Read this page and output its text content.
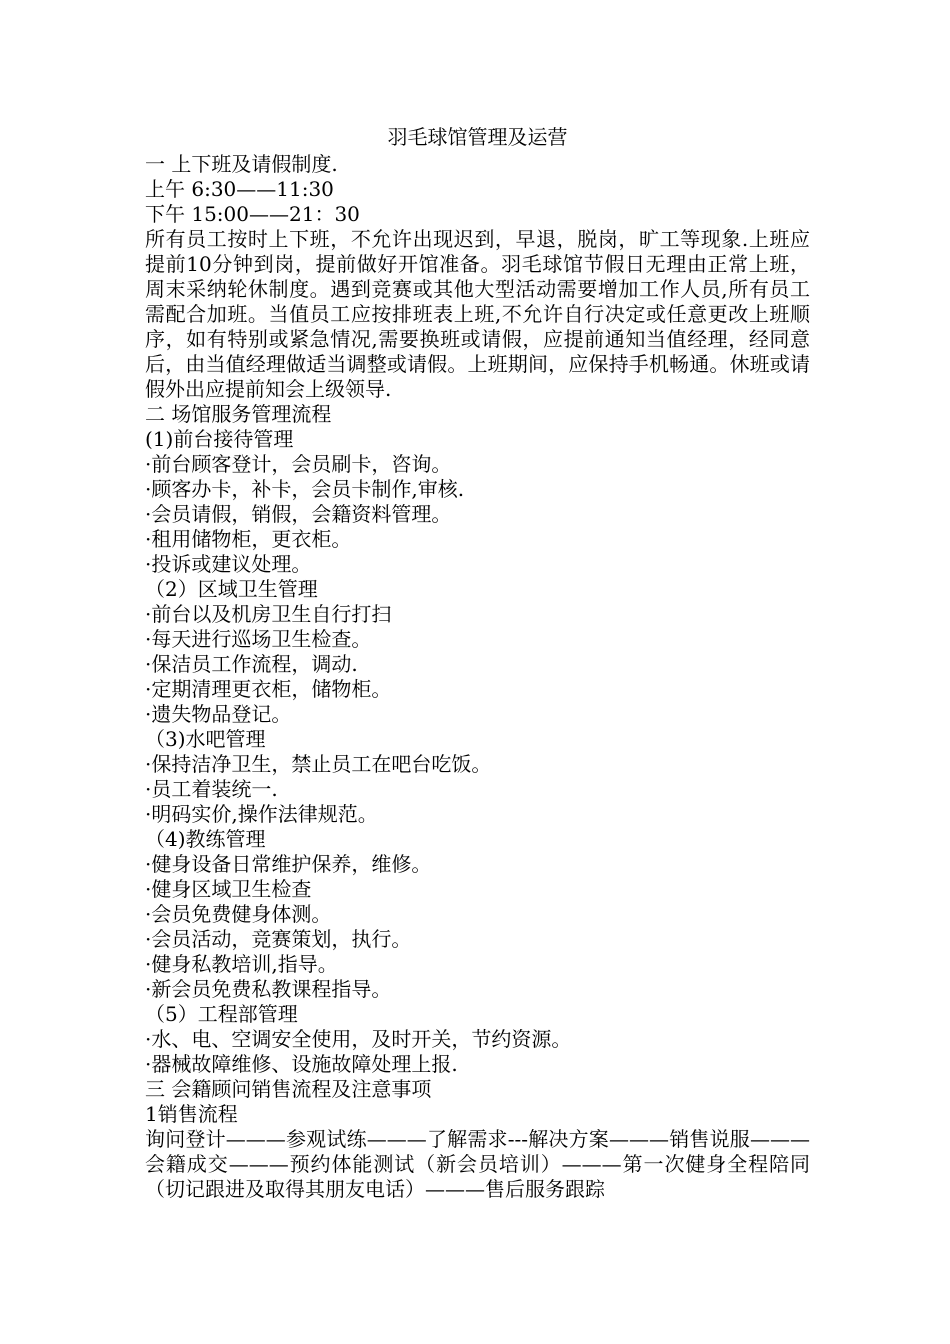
羽毛球馆管理及运营

一 上下班及请假制度.

上午 6:30——11:30

下午 15:00——21：30

所有员工按时上下班，不允许出现迟到，早退，脱岗，旷工等现象.上班应提前10分钟到岗，提前做好开馆准备。羽毛球馆节假日无理由正常上班，周末采纳轮休制度。遇到竞赛或其他大型活动需要增加工作人员,所有员工需配合加班。当值员工应按排班表上班,不允许自行决定或任意更改上班顺序，如有特别或紧急情况,需要换班或请假，应提前通知当值经理，经同意后，由当值经理做适当调整或请假。上班期间，应保持手机畅通。休班或请假外出应提前知会上级领导.

二 场馆服务管理流程

(1)前台接待管理

·前台顾客登计，会员刷卡，咨询。

·顾客办卡，补卡，会员卡制作,审核.

·会员请假，销假，会籍资料管理。

·租用储物柜，更衣柜。

·投诉或建议处理。

（2）区域卫生管理

·前台以及机房卫生自行打扫

·每天进行巡场卫生检查。

·保洁员工作流程，调动.

·定期清理更衣柜，储物柜。

·遗失物品登记。

（3)水吧管理

·保持洁净卫生，禁止员工在吧台吃饭。

·员工着装统一.

·明码实价,操作法律规范。

（4)教练管理

·健身设备日常维护保养，维修。

·健身区域卫生检查

·会员免费健身体测。

·会员活动，竞赛策划，执行。

·健身私教培训,指导。

·新会员免费私教课程指导。

（5）工程部管理

·水、电、空调安全使用，及时开关，节约资源。

·器械故障维修、设施故障处理上报.

三 会籍顾问销售流程及注意事项

1销售流程

询问登计———参观试练———了解需求---解决方案———销售说服———会籍成交———预约体能测试（新会员培训）———第一次健身全程陪同（切记跟进及取得其朋友电话）———售后服务跟踪
